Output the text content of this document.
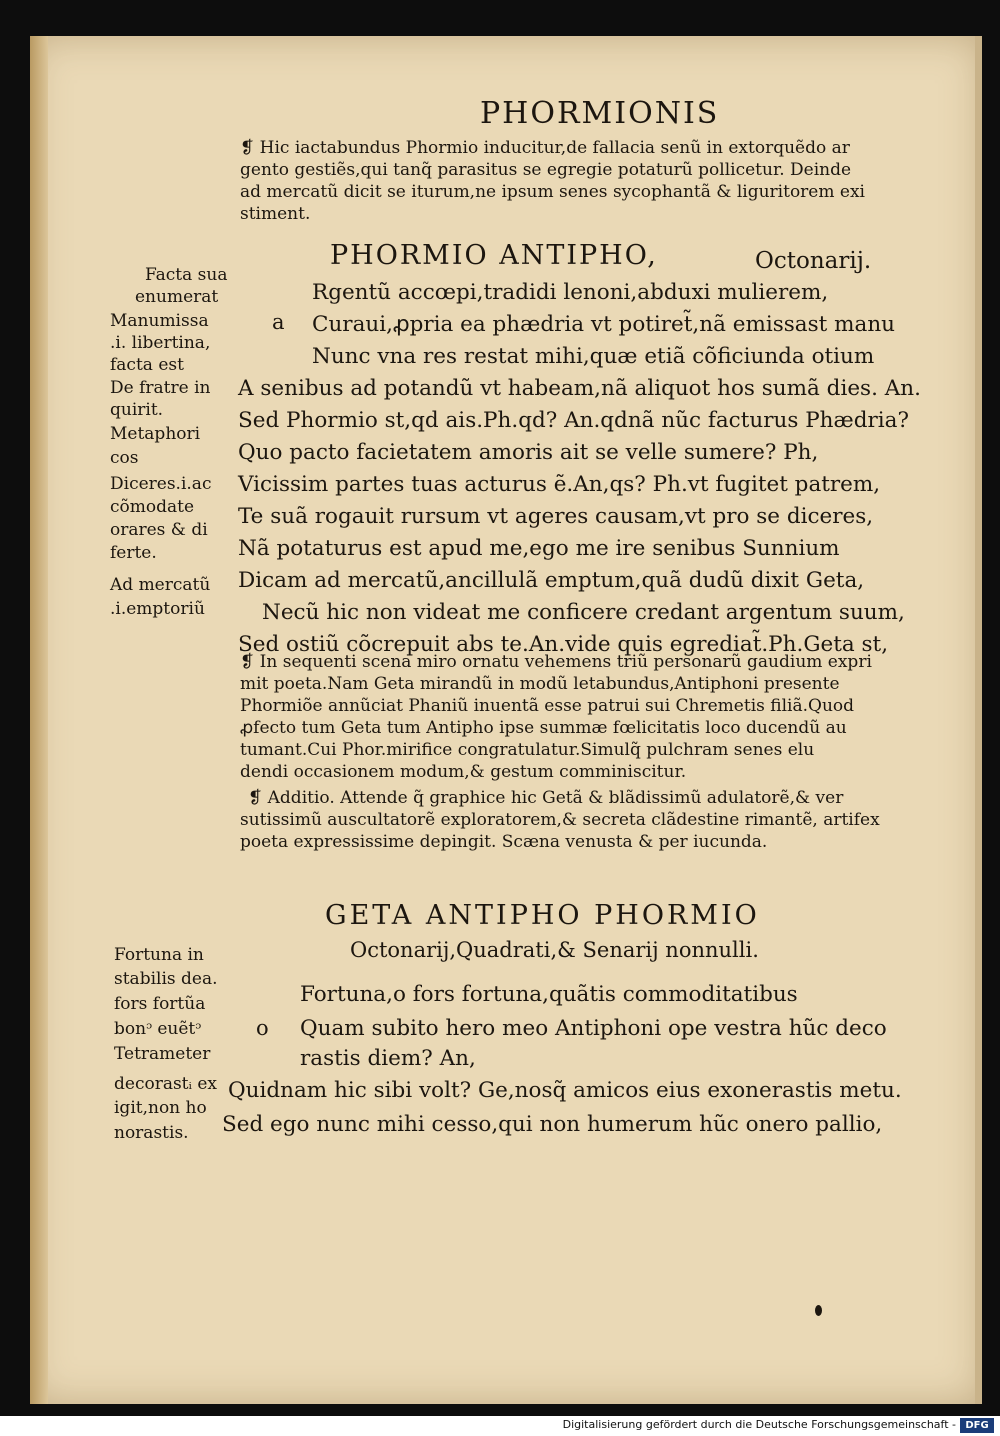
PHORMIONIS
❡ Hic iactabundus Phormio inducitur,de fallacia senũ in extorquẽdo ar
gento gestiẽs,qui tanq̃ parasitus se egregie potaturũ pollicetur. Deinde
ad mercatũ dicit se iturum,ne ipsum senes sycophantã & liguritorem exi
stiment.
PHORMIO ANTIPHO,	Octonarij.
a
Rgentũ accœpi,tradidi lenoni,abduxi mulierem,
Curaui,ꝓpria ea phædria vt potiret̃,nã emissast manu
Nunc vna res restat mihi,quæ etiã cõficiunda otium
A senibus ad potandũ vt habeam,nã aliquot hos sumã dies. An.
Sed Phormio st,qd ais.Ph.qd? An.qdnã nũc facturus Phædria?
Quo pacto facietatem amoris ait se velle sumere? Ph,
Vicissim partes tuas acturus ẽ.An,qs? Ph.vt fugitet patrem,
Te suã rogauit rursum vt ageres causam,vt pro se diceres,
Nã potaturus est apud me,ego me ire senibus Sunnium
Dicam ad mercatũ,ancillulã emptum,quã dudũ dixit Geta,
Necũ hic non videat me conficere credant argentum suum,
Sed ostiũ cõcrepuit abs te.An.vide quis egrediat̃.Ph.Geta st,
Facta sua
enumerat
Manumissa
.i. libertina,
facta est
De fratre in
quirit.
Metaphori
cos
Diceres.i.ac
cõmodate
orares & di
ferte.
Ad mercatũ
.i.emptoriũ
❡ In sequenti scena miro ornatu vehemens triũ personarũ gaudium expri
mit poeta.Nam Geta mirandũ in modũ letabundus,Antiphoni presente
Phormiõe annũciat Phaniũ inuentã esse patrui sui Chremetis filiã.Quod
ꝓfecto tum Geta tum Antipho ipse summæ fœlicitatis loco ducendũ au
tumant.Cui Phor.mirifice congratulatur.Simulq̃ pulchram senes elu
dendi occasionem modum,& gestum comminiscitur.
❡ Additio. Attende q̃ graphice hic Getã & blãdissimũ adulatorẽ,& ver
sutissimũ auscultatorẽ exploratorem,& secreta clãdestine rimantẽ, artifex
poeta expressissime depingit. Scæna venusta & per iucunda.
GETA ANTIPHO PHORMIO
Octonarij,Quadrati,& Senarij nonnulli.
o
Fortuna,o fors fortuna,quãtis commoditatibus
Quam subito hero meo Antiphoni ope vestra hũc deco
rastis diem? An,
Quidnam hic sibi volt? Ge,nosq̃ amicos eius exonerastis metu.
Sed ego nunc mihi cesso,qui non humerum hũc onero pallio,
Fortuna in
stabilis dea.
fors fortũa
bonᵓ euẽtᵓ
Tetrameter
decorastᵢ ex
igit,non ho
norastis.
Digitalisierung gefördert durch die Deutsche Forschungsgemeinschaft - DFG
